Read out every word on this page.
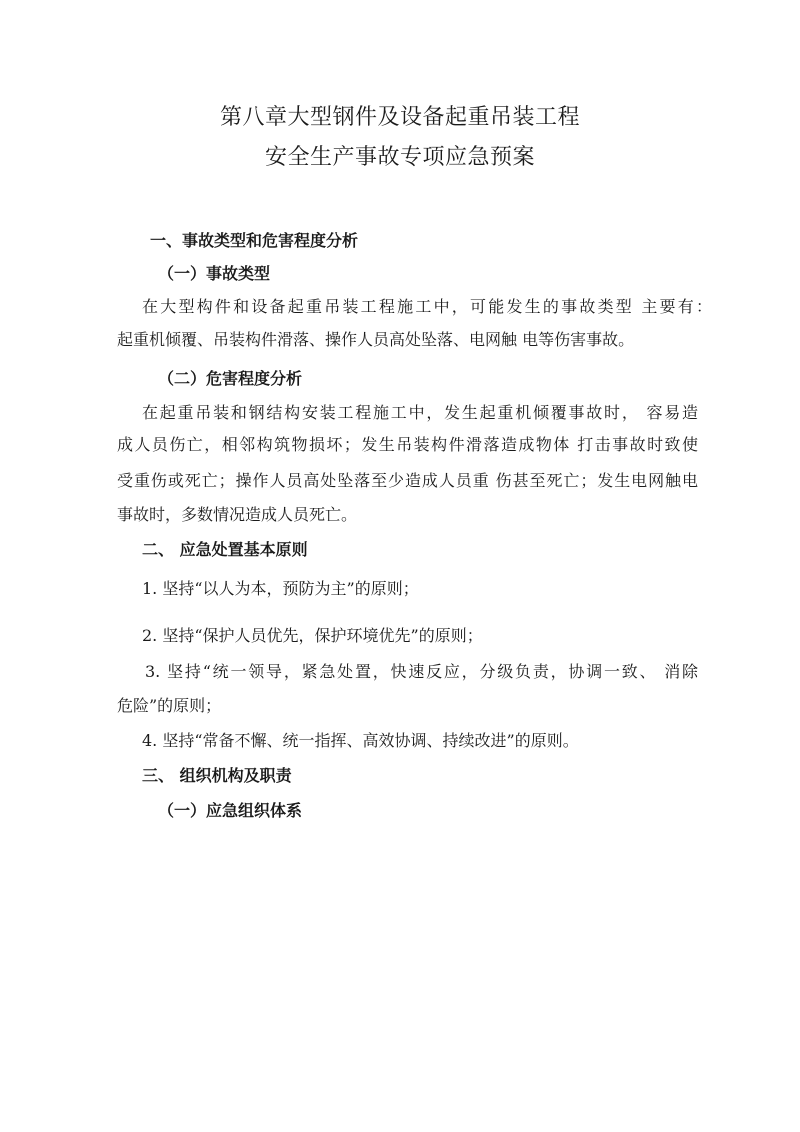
第八章大型钢件及设备起重吊装工程
安全生产事故专项应急预案
一、事故类型和危害程度分析
（一）事故类型
在大型构件和设备起重吊装工程施工中，可能发生的事故类型 主要有：
起重机倾覆、吊装构件滑落、操作人员高处坠落、电网触 电等伤害事故。
（二）危害程度分析
在起重吊装和钢结构安装工程施工中，发生起重机倾覆事故时， 容易造
成人员伤亡，相邻构筑物损坏；发生吊装构件滑落造成物体 打击事故时致使
受重伤或死亡；操作人员高处坠落至少造成人员重 伤甚至死亡；发生电网触电
事故时，多数情况造成人员死亡。
二、 应急处置基本原则
1. 坚持“以人为本，预防为主”的原则；
2. 坚持“保护人员优先，保护环境优先”的原则；
3. 坚持“统一领导，紧急处置，快速反应，分级负责，协调一致、 消除
危险”的原则；
4. 坚持“常备不懈、统一指挥、高效协调、持续改进”的原则。
三、 组织机构及职责
（一）应急组织体系
